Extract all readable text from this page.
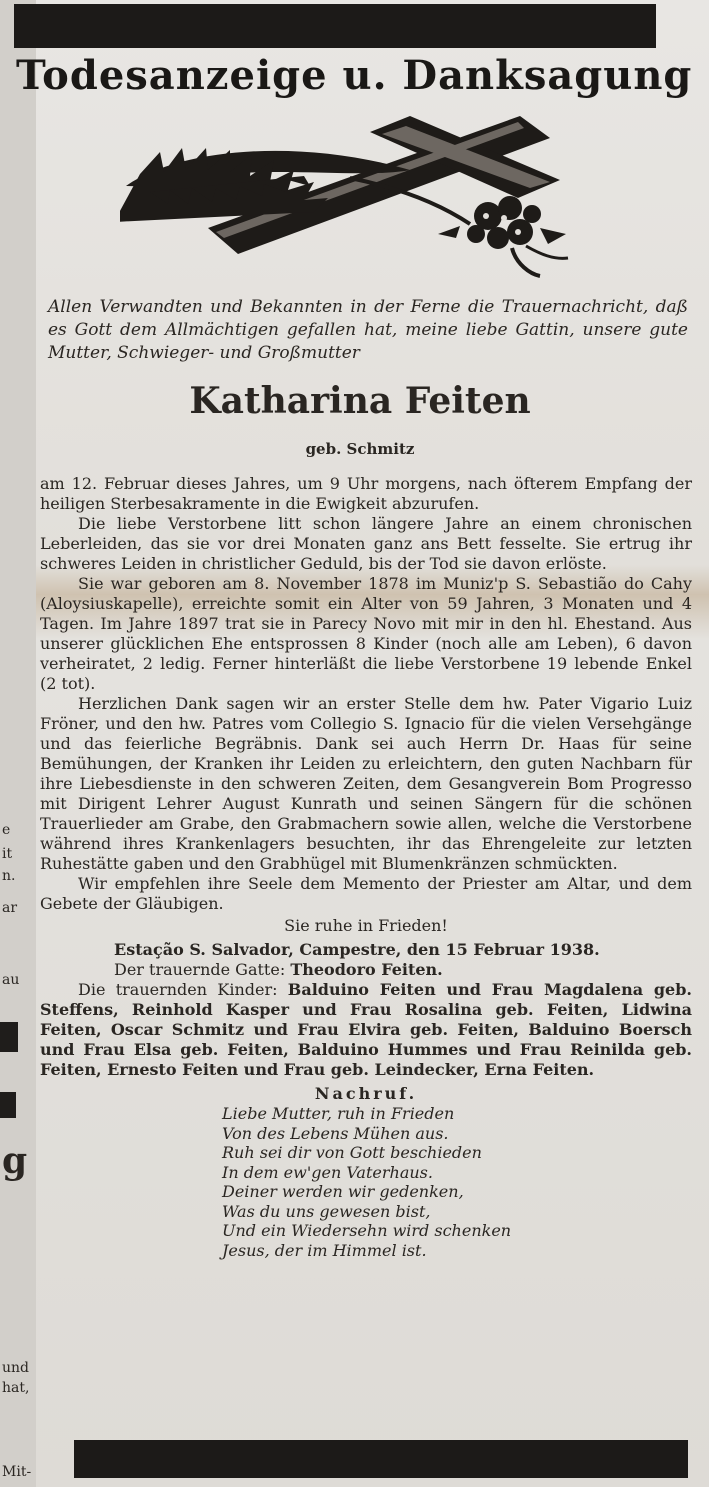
und
hat,
Mit-
au
ar
e
it
n.
g
Todesanzeige u. Danksagung
Allen Verwandten und Bekannten in der Ferne die Trauernachricht, daß es Gott dem Allmächtigen gefallen hat, meine liebe Gattin, unsere gute Mutter, Schwieger- und Großmutter
Katharina Feiten
geb. Schmitz

am 12. Februar dieses Jahres, um 9 Uhr morgens, nach öfterem Empfang der heiligen Sterbesakramente in die Ewigkeit abzurufen.

Die liebe Verstorbene litt schon längere Jahre an einem chronischen Leberleiden, das sie vor drei Monaten ganz ans Bett fesselte. Sie ertrug ihr schweres Leiden in christlicher Geduld, bis der Tod sie davon erlöste.

Sie war geboren am 8. November 1878 im Muniz'p S. Sebastião do Cahy (Aloysiuskapelle), erreichte somit ein Alter von 59 Jahren, 3 Monaten und 4 Tagen. Im Jahre 1897 trat sie in Parecy Novo mit mir in den hl. Ehestand. Aus unserer glücklichen Ehe entsprossen 8 Kinder (noch alle am Leben), 6 davon verheiratet, 2 ledig. Ferner hinterläßt die liebe Verstorbene 19 lebende Enkel (2 tot).

Herzlichen Dank sagen wir an erster Stelle dem hw. Pater Vigario Luiz Fröner, und den hw. Patres vom Collegio S. Ignacio für die vielen Versehgänge und das feierliche Begräbnis. Dank sei auch Herrn Dr. Haas für seine Bemühungen, der Kranken ihr Leiden zu erleichtern, den guten Nachbarn für ihre Liebesdienste in den schweren Zeiten, dem Gesangverein Bom Progresso mit Dirigent Lehrer August Kunrath und seinen Sängern für die schönen Trauerlieder am Grabe, den Grabmachern sowie allen, welche die Verstorbene während ihres Krankenlagers besuchten, ihr das Ehrengeleite zur letzten Ruhestätte gaben und den Grabhügel mit Blumenkränzen schmückten.

Wir empfehlen ihre Seele dem Memento der Priester am Altar, und dem Gebete der Gläubigen.

Sie ruhe in Frieden!

Estação S. Salvador, Campestre, den 15 Februar 1938.

Der trauernde Gatte: Theodoro Feiten.

Die trauernden Kinder: Balduino Feiten und Frau Magdalena geb. Steffens, Reinhold Kasper und Frau Rosalina geb. Feiten, Lidwina Feiten, Oscar Schmitz und Frau Elvira geb. Feiten, Balduino Boersch und Frau Elsa geb. Feiten, Balduino Hummes und Frau Reinilda geb. Feiten, Ernesto Feiten und Frau geb. Leindecker, Erna Feiten.

Nachruf.

Liebe Mutter, ruh in Frieden
Von des Lebens Mühen aus.
Ruh sei dir von Gott beschieden
In dem ew'gen Vaterhaus.
Deiner werden wir gedenken,
Was du uns gewesen bist,
Und ein Wiedersehn wird schenken
Jesus, der im Himmel ist.
